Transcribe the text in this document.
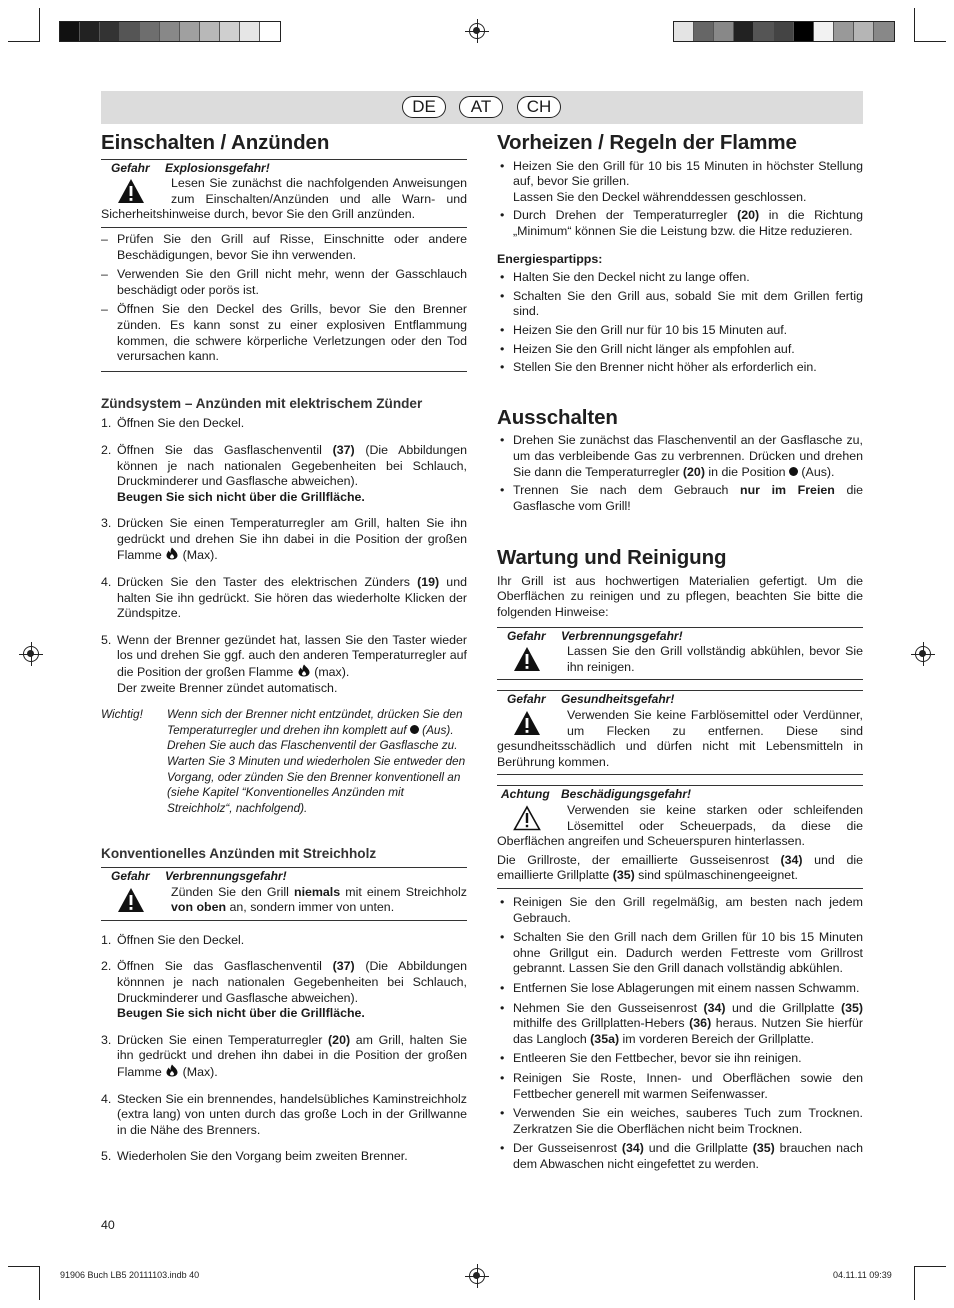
DE	AT	CH
Einschalten / Anzünden
Gefahr Explosionsgefahr!
Lesen Sie zunächst die nachfolgenden Anweisungen zum Einschalten/Anzünden und alle Warn- und Sicherheitshinweise durch, bevor Sie den Grill anzünden.
– Prüfen Sie den Grill auf Risse, Einschnitte oder andere Beschädigungen, bevor Sie ihn verwenden.
– Verwenden Sie den Grill nicht mehr, wenn der Gasschlauch beschädigt oder porös ist.
– Öffnen Sie den Deckel des Grills, bevor Sie den Brenner zünden. Es kann sonst zu einer explosiven Entflammung kommen, die schwere körperliche Verletzungen oder den Tod verursachen kann.
Zündsystem – Anzünden mit elektrischem Zünder
1. Öffnen Sie den Deckel.
2. Öffnen Sie das Gasflaschenventil (37) (Die Abbildungen können je nach nationalen Gegebenheiten bei Schlauch, Druckminderer und Gasflasche abweichen).
Beugen Sie sich nicht über die Grillfläche.
3. Drücken Sie einen Temperaturregler am Grill, halten Sie ihn gedrückt und drehen Sie ihn dabei in die Position der großen Flamme  (Max).
4. Drücken Sie den Taster des elektrischen Zünders (19) und halten Sie ihn gedrückt. Sie hören das wiederholte Klicken der Zündspitze.
5. Wenn der Brenner gezündet hat, lassen Sie den Taster wieder los und drehen Sie ggf. auch den anderen Temperaturregler auf die Position der großen Flamme  (max).
Der zweite Brenner zündet automatisch.
Wichtig!	Wenn sich der Brenner nicht entzündet, drücken Sie den Temperaturregler und drehen ihn komplett auf  (Aus). Drehen Sie auch das Flaschenventil der Gasflasche zu. Warten Sie 3 Minuten und wiederholen Sie entweder den Vorgang, oder zünden Sie den Brenner konventionell an (siehe Kapitel “Konventionelles Anzünden mit Streichholz“, nachfolgend).
Konventionelles Anzünden mit Streichholz
Gefahr Verbrennungsgefahr!
Zünden Sie den Grill niemals mit einem Streichholz von oben an, sondern immer von unten.
1. Öffnen Sie den Deckel.
2. Öffnen Sie das Gasflaschenventil (37) (Die Abbildungen könnnen je nach nationalen Gegebenheiten bei Schlauch, Druckminderer und Gasflasche abweichen).
Beugen Sie sich nicht über die Grillfläche.
3. Drücken Sie einen Temperaturregler (20) am Grill, halten Sie ihn gedrückt und drehen ihn dabei in die Position der großen Flamme  (Max).
4. Stecken Sie ein brennendes, handelsübliches Kaminstreichholz (extra lang) von unten durch das große Loch in der Grillwanne in die Nähe des Brenners.
5. Wiederholen Sie den Vorgang beim zweiten Brenner.
Vorheizen / Regeln der Flamme
• Heizen Sie den Grill für 10 bis 15 Minuten in höchster Stellung auf, bevor Sie grillen.
Lassen Sie den Deckel währenddessen geschlossen.
• Durch Drehen der Temperaturregler (20) in die Richtung „Minimum“ können Sie die Leistung bzw. die Hitze reduzieren.
Energiespartipps:
• Halten Sie den Deckel nicht zu lange offen.
• Schalten Sie den Grill aus, sobald Sie mit dem Grillen fertig sind.
• Heizen Sie den Grill nur für 10 bis 15 Minuten auf.
• Heizen Sie den Grill nicht länger als empfohlen auf.
• Stellen Sie den Brenner nicht höher als erforderlich ein.
Ausschalten
• Drehen Sie zunächst das Flaschenventil an der Gasflasche zu, um das verbleibende Gas zu verbrennen. Drücken und drehen Sie dann die Temperaturregler (20) in die Position  (Aus).
• Trennen Sie nach dem Gebrauch nur im Freien die Gasflasche vom Grill!
Wartung und Reinigung

Ihr Grill ist aus hochwertigen Materialien gefertigt. Um die Oberflächen zu reinigen und zu pflegen, beachten Sie bitte die folgenden Hinweise:

Gefahr Verbrennungsgefahr!
Lassen Sie den Grill vollständig abkühlen, bevor Sie ihn reinigen.
Gefahr Gesundheitsgefahr!
Verwenden Sie keine Farblösemittel oder Verdünner, um Flecken zu entfernen. Diese sind gesundheitsschädlich und dürfen nicht mit Lebensmitteln in Berührung kommen.
Achtung Beschädigungsgefahr!
Verwenden sie keine starken oder schleifenden Lösemittel oder Scheuerpads, da diese die Oberflächen angreifen und Scheuerspuren hinterlassen.

Die Grillroste, der emaillierte Gusseisenrost (34) und die emaillierte Grillplatte (35) sind spülmaschinengeeignet.

• Reinigen Sie den Grill regelmäßig, am besten nach jedem Gebrauch.
• Schalten Sie den Grill nach dem Grillen für 10 bis 15 Minuten ohne Grillgut ein. Dadurch werden Fettreste vom Grillrost gebrannt. Lassen Sie den Grill danach vollständig abkühlen.
• Entfernen Sie lose Ablagerungen mit einem nassen Schwamm.
• Nehmen Sie den Gusseisenrost (34) und die Grillplatte (35) mithilfe des Grillplatten-Hebers (36) heraus. Nutzen Sie hierfür das Langloch (35a) im vorderen Bereich der Grillplatte.
• Entleeren Sie den Fettbecher, bevor sie ihn reinigen.
• Reinigen Sie Roste, Innen- und Oberflächen sowie den Fettbecher generell mit warmen Seifenwasser.
• Verwenden Sie ein weiches, sauberes Tuch zum Trocknen. Zerkratzen Sie die Oberflächen nicht beim Trocknen.
• Der Gusseisenrost (34) und die Grillplatte (35) brauchen nach dem Abwaschen nicht eingefettet zu werden.
40
91906 Buch LB5 20111103.indb 40	04.11.11 09:39
